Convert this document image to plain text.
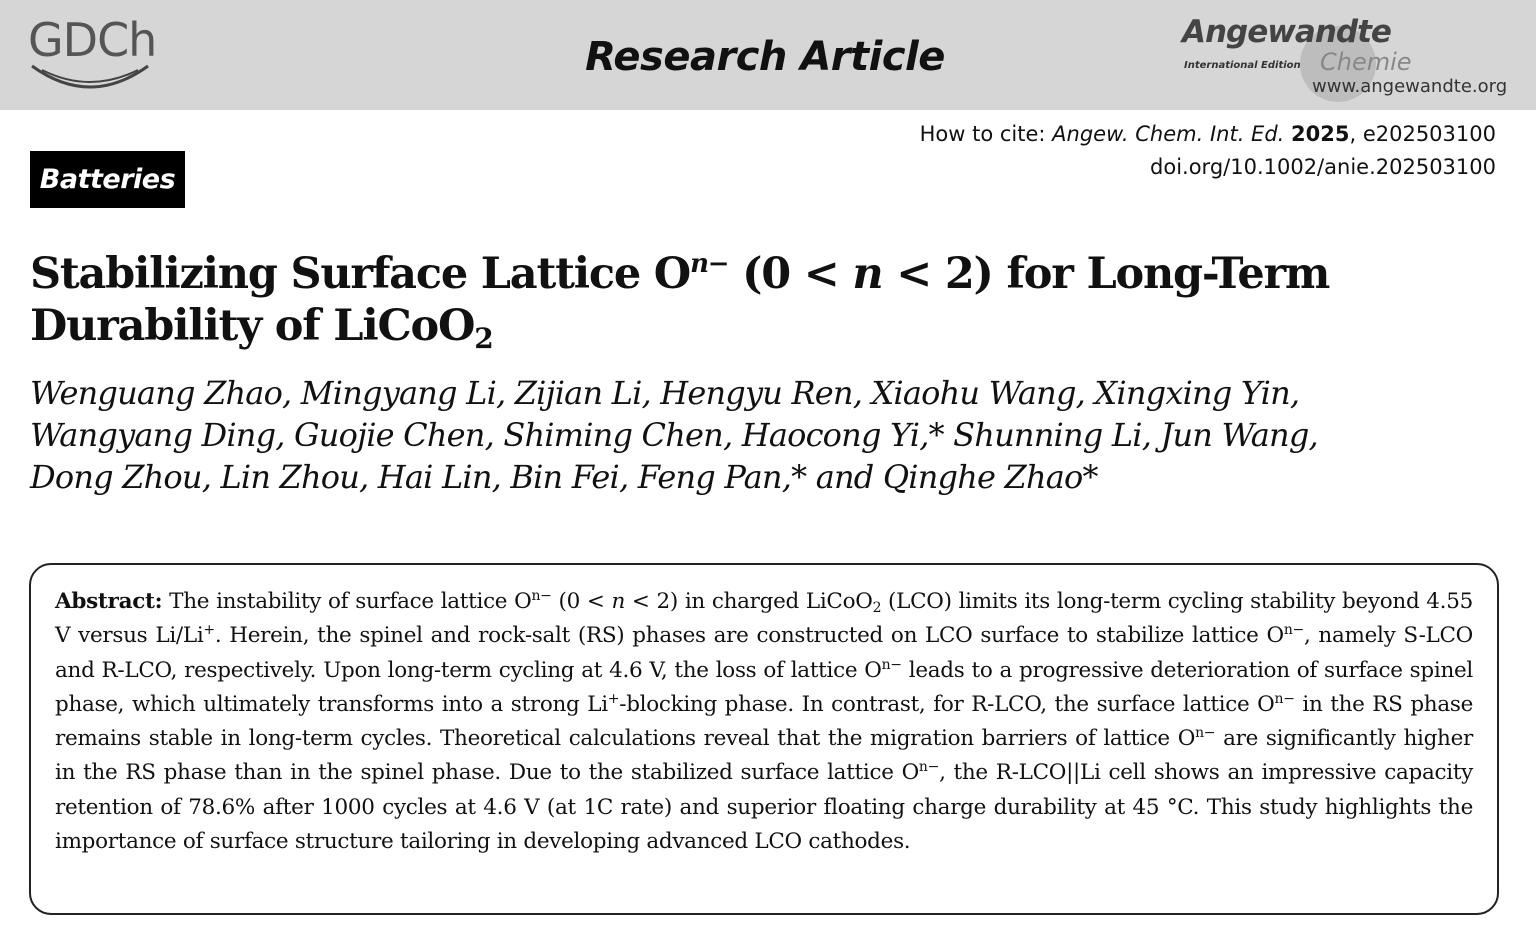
GDCh	Research Article
Angewandte
International Edition Chemie
www.angewandte.org
How to cite: Angew. Chem. Int. Ed. 2025, e202503100
doi.org/10.1002/anie.202503100
Batteries
Stabilizing Surface Lattice $O^{n-}$ (0 < n < 2) for Long-Term Durability of LiCoO$_2$
Wenguang Zhao, Mingyang Li, Zijian Li, Hengyu Ren, Xiaohu Wang, Xingxing Yin,
Wangyang Ding, Guojie Chen, Shiming Chen, Haocong Yi,* Shunning Li, Jun Wang,
Dong Zhou, Lin Zhou, Hai Lin, Bin Fei, Feng Pan,* and Qinghe Zhao*
Abstract: The instability of surface lattice $O^{n-}$ (0 < n < 2) in charged LiCoO$_2$ (LCO) limits its long-term cycling stability beyond 4.55 V versus Li/Li+. Herein, the spinel and rock-salt (RS) phases are constructed on LCO surface to stabilize lattice $O^{n-}$, namely S-LCO and R-LCO, respectively. Upon long-term cycling at 4.6 V, the loss of lattice $O^{n-}$ leads to a progressive deterioration of surface spinel phase, which ultimately transforms into a strong Li+-blocking phase. In contrast, for R-LCO, the surface lattice $O^{n-}$ in the RS phase remains stable in long-term cycles. Theoretical calculations reveal that the migration barriers of lattice $O^{n-}$ are significantly higher in the RS phase than in the spinel phase. Due to the stabilized surface lattice $O^{n-}$, the R-LCO||Li cell shows an impressive capacity retention of 78.6% after 1000 cycles at 4.6 V (at 1C rate) and superior floating charge durability at 45 °C. This study highlights the importance of surface structure tailoring in developing advanced LCO cathodes.
